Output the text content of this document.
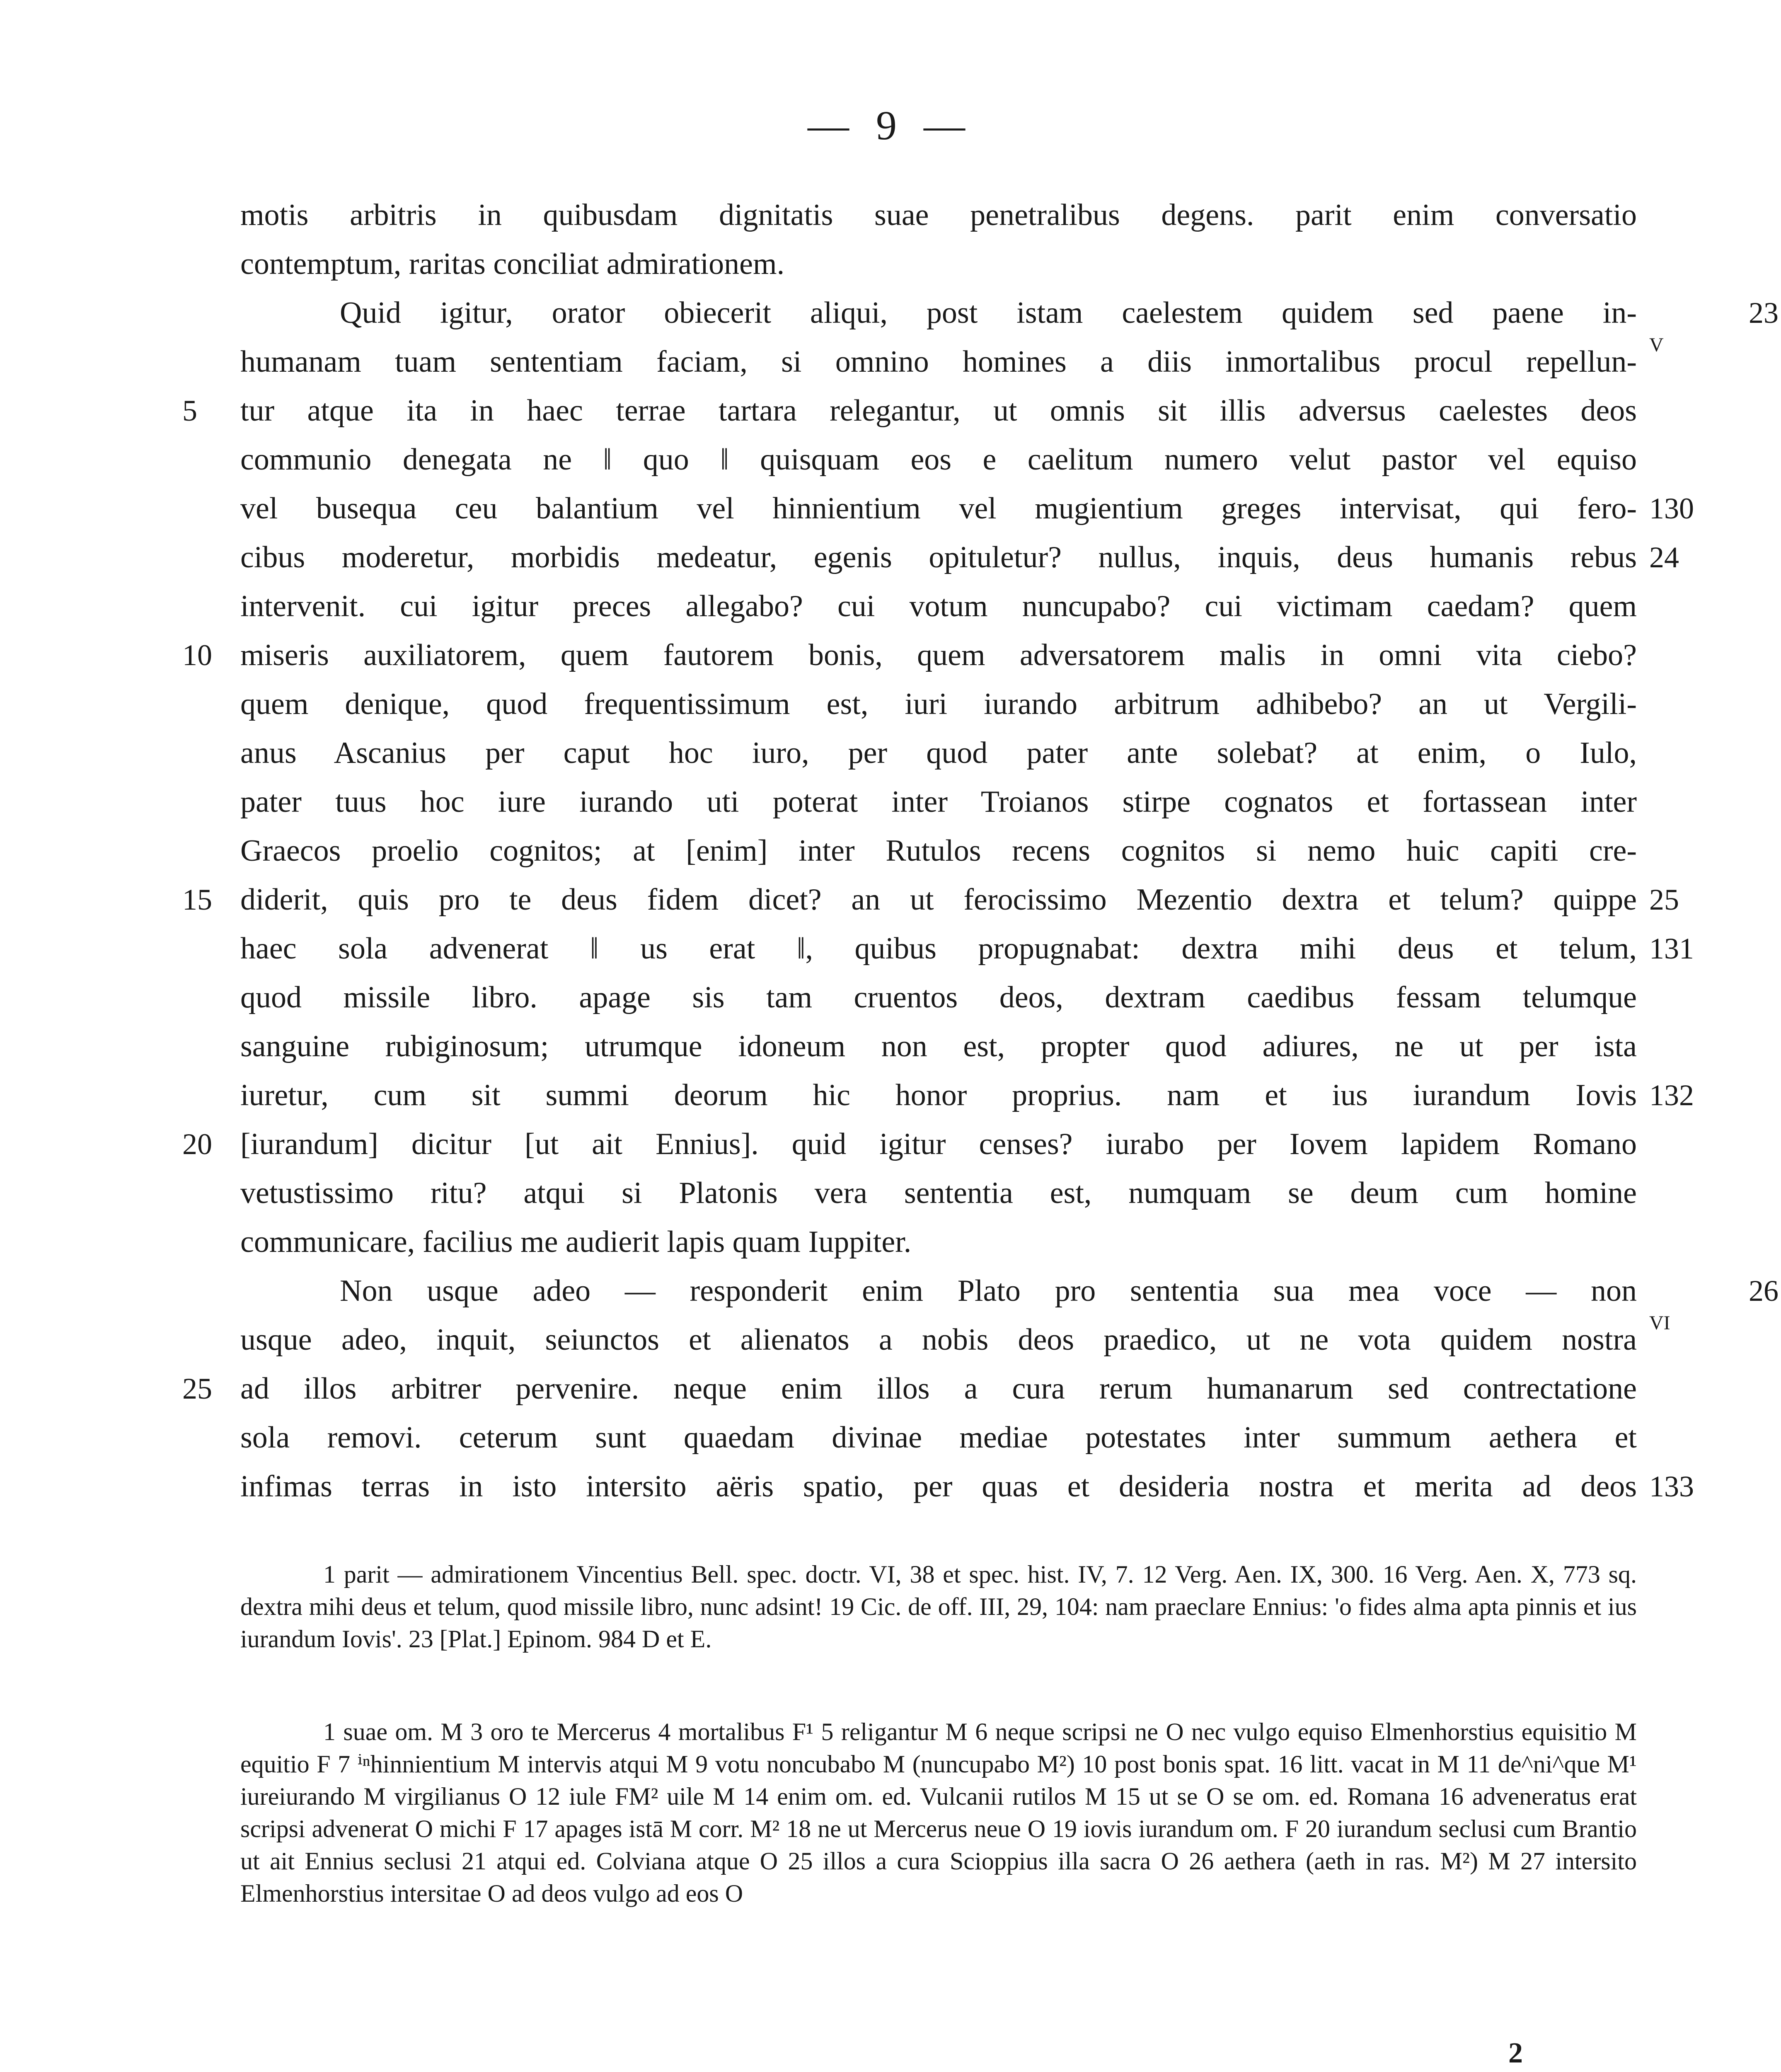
— 9 —
motis arbitris in quibusdam dignitatis suae penetralibus degens. parit enim conversatio
contemptum, raritas conciliat admirationem.
Quid igitur, orator obiecerit aliqui, post istam caelestem quidem sed paene in-	23
humanam tuam sententiam faciam, si omnino homines a diis inmortalibus procul repellun- V
tur atque ita in haec terrae tartara relegantur, ut omnis sit illis adversus caelestes deos
5
communio denegata ne ‖ quo ‖ quisquam eos e caelitum numero velut pastor vel equiso
vel busequa ceu balantium vel hinnientium vel mugientium greges intervisat, qui fero- 130
cibus moderetur, morbidis medeatur, egenis opituletur? nullus, inquis, deus humanis rebus 24
intervenit. cui igitur preces allegabo? cui votum nuncupabo? cui victimam caedam? quem
miseris auxiliatorem, quem fautorem bonis, quem adversatorem malis in omni vita ciebo?
10
quem denique, quod frequentissimum est, iuri iurando arbitrum adhibebo? an ut Vergili-
anus Ascanius per caput hoc iuro, per quod pater ante solebat? at enim, o Iulo,
pater tuus hoc iure iurando uti poterat inter Troianos stirpe cognatos et fortassean inter
Graecos proelio cognitos; at [enim] inter Rutulos recens cognitos si nemo huic capiti cre-
diderit, quis pro te deus fidem dicet? an ut ferocissimo Mezentio dextra et telum? quippe
15	25
haec sola advenerat ‖ us erat ‖, quibus propugnabat: dextra mihi deus et telum, 131
quod missile libro. apage sis tam cruentos deos, dextram caedibus fessam telumque
sanguine rubiginosum; utrumque idoneum non est, propter quod adiures, ne ut per ista
iuretur, cum sit summi deorum hic honor proprius. nam et ius iurandum Iovis 132
[iurandum] dicitur [ut ait Ennius]. quid igitur censes? iurabo per Iovem lapidem Romano
20
vetustissimo ritu? atqui si Platonis vera sententia est, numquam se deum cum homine
communicare, facilius me audierit lapis quam Iuppiter.
Non usque adeo — responderit enim Plato pro sententia sua mea voce — non	26
usque adeo, inquit, seiunctos et alienatos a nobis deos praedico, ut ne vota quidem nostra VI
ad illos arbitrer pervenire. neque enim illos a cura rerum humanarum sed contrectatione
25
sola removi. ceterum sunt quaedam divinae mediae potestates inter summum aethera et
infimas terras in isto intersito aëris spatio, per quas et desideria nostra et merita ad deos 133

1 parit — admirationem Vincentius Bell. spec. doctr. VI, 38 et spec. hist. IV, 7. 12 Verg. Aen. IX, 300. 16 Verg. Aen. X, 773 sq. dextra mihi deus et telum, quod missile libro, nunc adsint! 19 Cic. de off. III, 29, 104: nam praeclare Ennius: 'o fides alma apta pinnis et ius iurandum Iovis'. 23 [Plat.] Epinom. 984 D et E.

1 suae om. M 3 oro te Mercerus 4 mortalibus F¹ 5 religantur M 6 neque scripsi ne O nec vulgo equiso Elmenhorstius equisitio M equitio F 7 ⁱⁿhinnientium M intervis atqui M 9 votu noncubabo M (nuncupabo M²) 10 post bonis spat. 16 litt. vacat in M 11 de^ni^que M¹ iureiurando M virgilianus O 12 iule FM² uile M 14 enim om. ed. Vulcanii rutilos M 15 ut se O se om. ed. Romana 16 adveneratus erat scripsi advenerat O michi F 17 apages istā M corr. M² 18 ne ut Mercerus neue O 19 iovis iurandum om. F 20 iurandum seclusi cum Brantio ut ait Ennius seclusi 21 atqui ed. Colviana atque O 25 illos a cura Scioppius illa sacra O 26 aethera (aeth in ras. M²) M 27 intersito Elmenhorstius intersitae O ad deos vulgo ad eos O

2
